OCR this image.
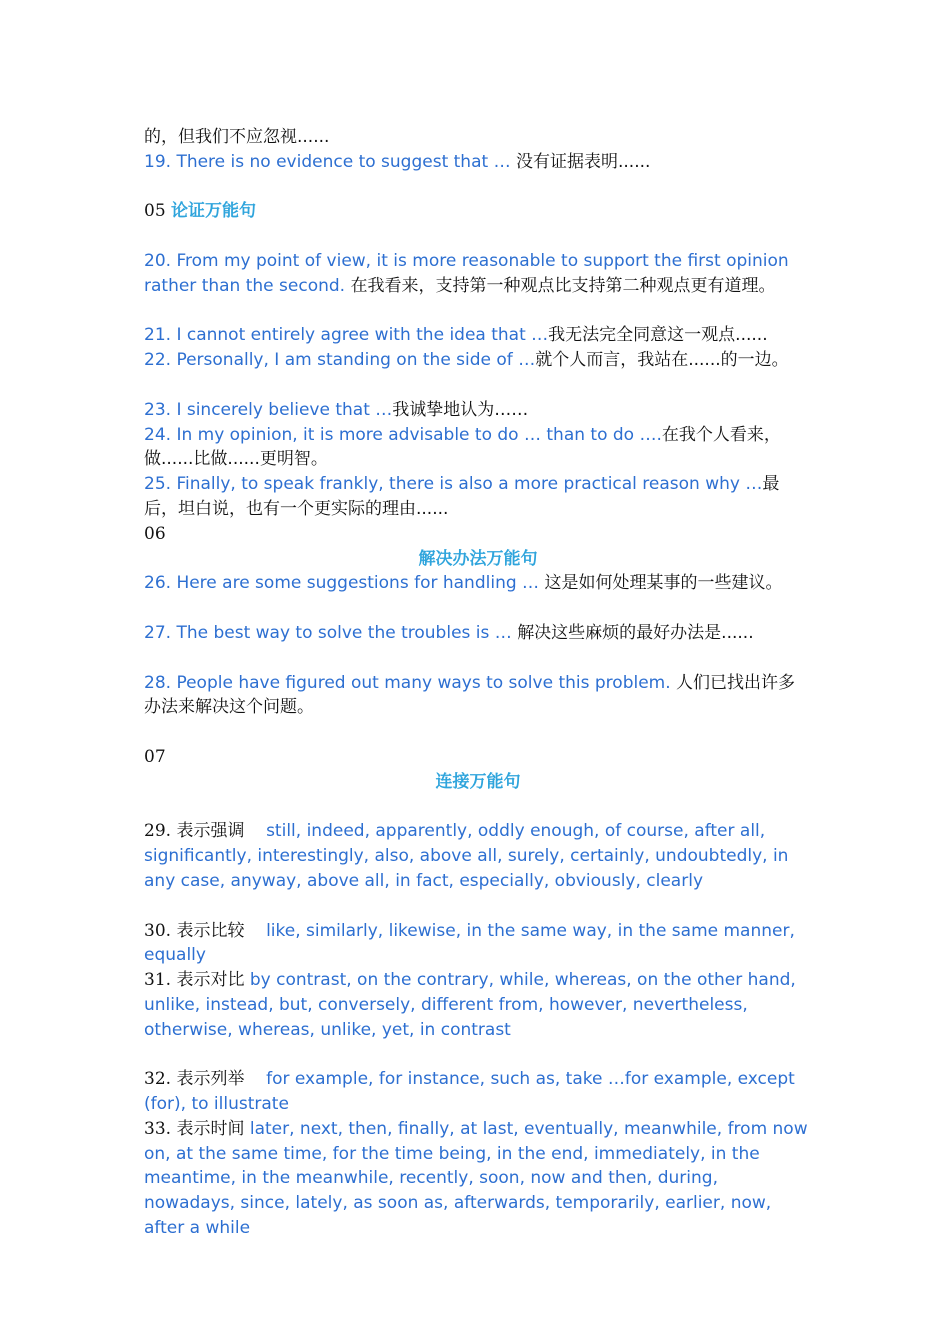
的，但我们不应忽视......

19. There is no evidence to suggest that … 没有证据表明......

05 论证万能句

20. From my point of view, it is more reasonable to support the first opinion rather than the second. 在我看来，支持第一种观点比支持第二种观点更有道理。

21. I cannot entirely agree with the idea that …我无法完全同意这一观点......

22. Personally, I am standing on the side of …就个人而言，我站在......的一边。

23. I sincerely believe that …我诚挚地认为……

24. In my opinion, it is more advisable to do … than to do ….在我个人看来，做......比做......更明智。

25. Finally, to speak frankly, there is also a more practical reason why …最后，坦白说，也有一个更实际的理由......

06

解决办法万能句

26. Here are some suggestions for handling … 这是如何处理某事的一些建议。

27. The best way to solve the troubles is … 解决这些麻烦的最好办法是......

28. People have figured out many ways to solve this problem. 人们已找出许多办法来解决这个问题。

07

连接万能句

29. 表示强调 still, indeed, apparently, oddly enough, of course, after all, significantly, interestingly, also, above all, surely, certainly, undoubtedly, in any case, anyway, above all, in fact, especially, obviously, clearly

30. 表示比较 like, similarly, likewise, in the same way, in the same manner, equally

31. 表示对比 by contrast, on the contrary, while, whereas, on the other hand, unlike, instead, but, conversely, different from, however, nevertheless, otherwise, whereas, unlike, yet, in contrast

32. 表示列举 for example, for instance, such as, take …for example, except (for), to illustrate

33. 表示时间 later, next, then, finally, at last, eventually, meanwhile, from now on, at the same time, for the time being, in the end, immediately, in the meantime, in the meanwhile, recently, soon, now and then, during, nowadays, since, lately, as soon as, afterwards, temporarily, earlier, now, after a while
